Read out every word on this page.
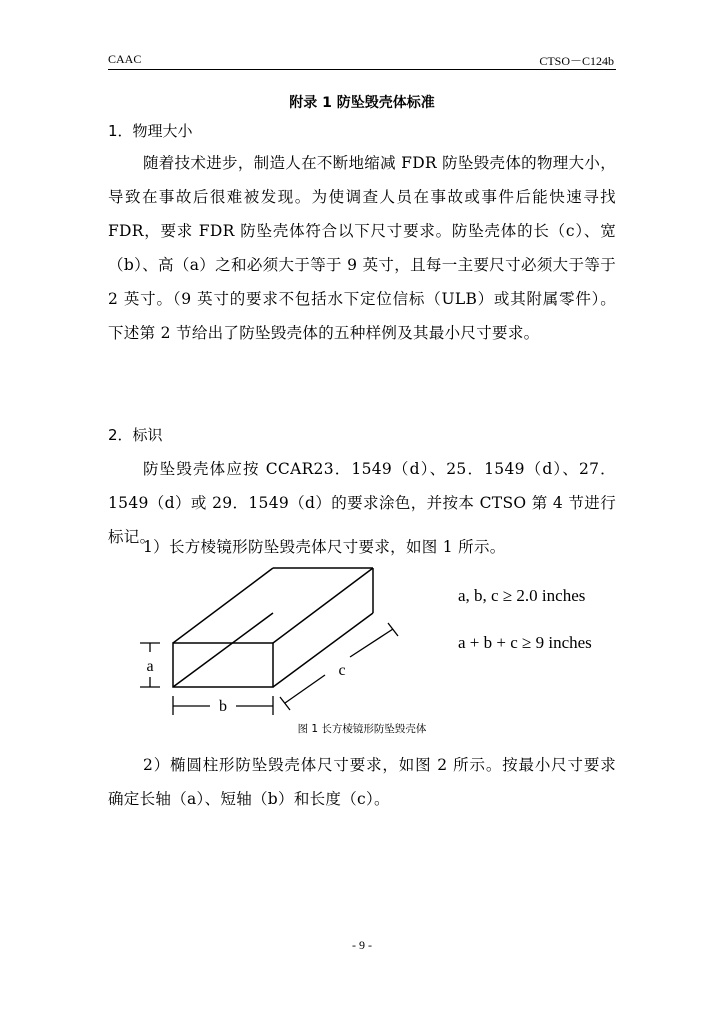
CAAC	CTSO－C124b
附录 1 防坠毁壳体标准
1．物理大小

随着技术进步，制造人在不断地缩减 FDR 防坠毁壳体的物理大小，导致在事故后很难被发现。为使调查人员在事故或事件后能快速寻找 FDR，要求 FDR 防坠壳体符合以下尺寸要求。防坠壳体的长（c）、宽（b）、高（a）之和必须大于等于 9 英寸，且每一主要尺寸必须大于等于 2 英寸。（9 英寸的要求不包括水下定位信标（ULB）或其附属零件）。下述第 2 节给出了防坠毁壳体的五种样例及其最小尺寸要求。

2．标识

防坠毁壳体应按 CCAR23．1549（d）、25．1549（d）、27．1549（d）或 29．1549（d）的要求涂色，并按本 CTSO 第 4 节进行标记。

1）长方棱镜形防坠毁壳体尺寸要求，如图 1 所示。

a
b
c
a, b, c ≥ 2.0 inches
a + b + c ≥ 9 inches
图 1 长方棱镜形防坠毁壳体

2）椭圆柱形防坠毁壳体尺寸要求，如图 2 所示。按最小尺寸要求确定长轴（a）、短轴（b）和长度（c）。

- 9 -
